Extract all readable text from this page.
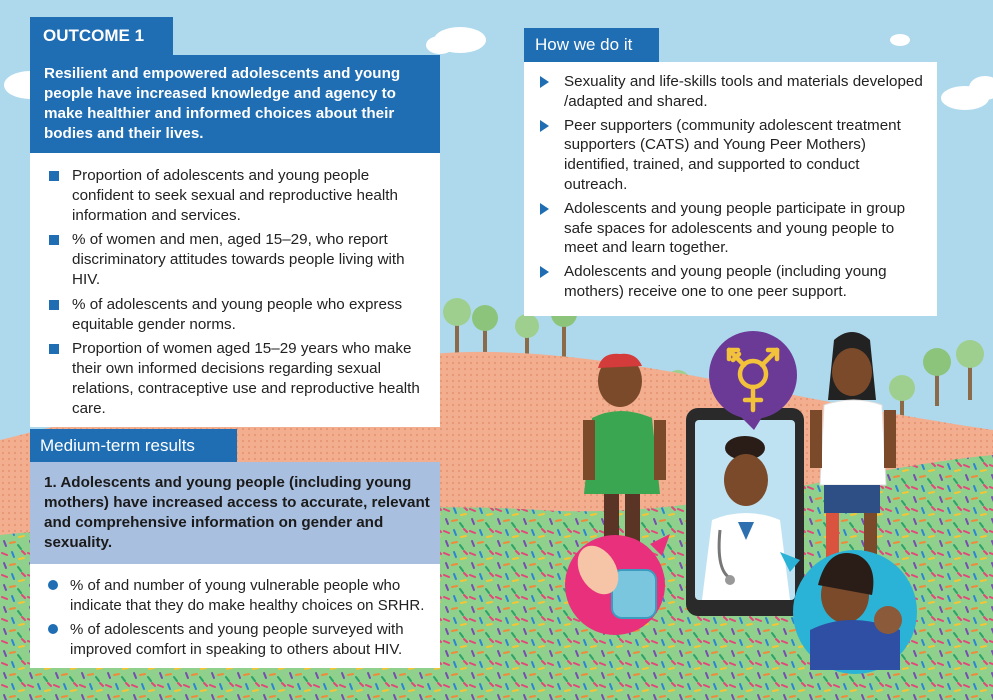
OUTCOME 1
Resilient and empowered adolescents and young people have increased knowledge and agency to make healthier and informed choices about their bodies and their lives.
Proportion of adolescents and young people confident to seek sexual and reproductive health information and services.
% of women and men, aged 15–29, who report discriminatory attitudes towards people living with HIV.
% of adolescents and young people who express equitable gender norms.
Proportion of women aged 15–29 years who make their own informed decisions regarding sexual relations, contraceptive use and reproductive health care.
Medium-term results
1. Adolescents and young people (including young mothers) have increased access to accurate, relevant and comprehensive information on gender and sexuality.
% of and number of young vulnerable people who indicate that they do make healthy choices on SRHR.
% of adolescents and young people surveyed with improved comfort in speaking to others about HIV.
How we do it
Sexuality and life-skills tools and materials developed /adapted and shared.
Peer supporters (community adolescent treatment supporters (CATS) and Young Peer Mothers) identified, trained, and supported to conduct outreach.
Adolescents and young people participate in group safe spaces for adolescents and young people to meet and learn together.
Adolescents and young people (including young mothers) receive one to one peer support.
